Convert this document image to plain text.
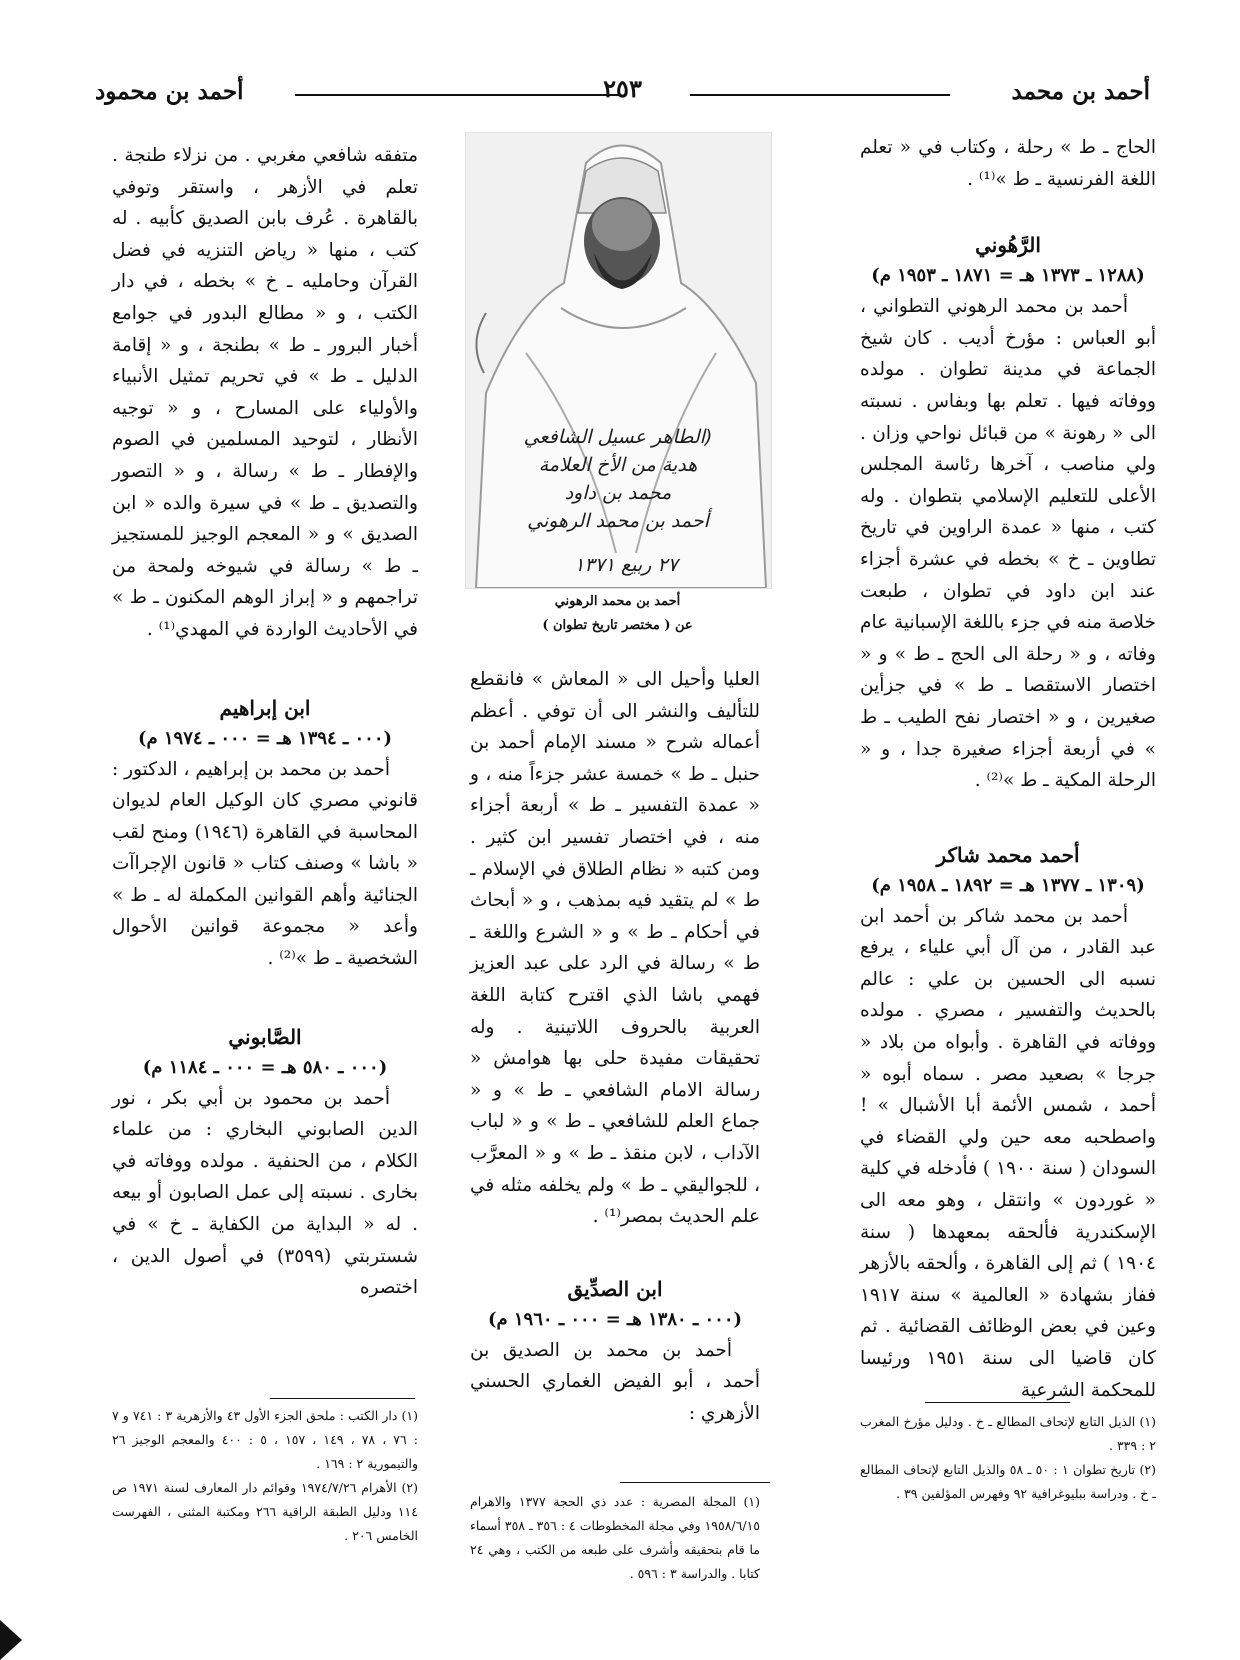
أحمد بن محمد
٢٥٣
أحمد بن محمود

الحاج ـ ط » رحلة ، وكتاب في « تعلم اللغة الفرنسية ـ ط »⁽¹⁾ .

الرَّهُوني

(١٢٨٨ ـ ١٣٧٣ هـ = ١٨٧١ ـ ١٩٥٣ م)

أحمد بن محمد الرهوني التطواني ، أبو العباس : مؤرخ أديب . كان شيخ الجماعة في مدينة تطوان . مولده ووفاته فيها . تعلم بها وبفاس . نسبته الى « رهونة » من قبائل نواحي وزان . ولي مناصب ، آخرها رئاسة المجلس الأعلى للتعليم الإسلامي بتطوان . وله كتب ، منها « عمدة الراوين في تاريخ تطاوين ـ خ » بخطه في عشرة أجزاء عند ابن داود في تطوان ، طبعت خلاصة منه في جزء باللغة الإسبانية عام وفاته ، و « رحلة الى الحج ـ ط » و « اختصار الاستقصا ـ ط » في جزأين صغيرين ، و « اختصار نفح الطيب ـ ط » في أربعة أجزاء صغيرة جدا ، و « الرحلة المكية ـ ط »⁽²⁾ .

أحمد محمد شاكر

(١٣٠٩ ـ ١٣٧٧ هـ = ١٨٩٢ ـ ١٩٥٨ م)

أحمد بن محمد شاكر بن أحمد ابن عبد القادر ، من آل أبي علياء ، يرفع نسبه الى الحسين بن علي : عالم بالحديث والتفسير ، مصري . مولده ووفاته في القاهرة . وأبواه من بلاد « جرجا » بصعيد مصر . سماه أبوه « أحمد ، شمس الأئمة أبا الأشبال » ! واصطحبه معه حين ولي القضاء في السودان ( سنة ١٩٠٠ ) فأدخله في كلية « غوردون » وانتقل ، وهو معه الى الإسكندرية فألحقه بمعهدها ( سنة ١٩٠٤ ) ثم إلى القاهرة ، وألحقه بالأزهر ففاز بشهادة « العالمية » سنة ١٩١٧ وعين في بعض الوظائف القضائية . ثم كان قاضيا الى سنة ١٩٥١ ورئيسا للمحكمة الشرعية

(١) الذيل التابع لإتحاف المطالع ـ خ . ودليل مؤرخ المغرب ٢ : ٣٣٩ .

(٢) تاريخ تطوان ١ : ٥٠ ـ ٥٨ والذيل التابع لإتحاف المطالع ـ خ . ودراسة ببليوغرافية ٩٢ وفهرس المؤلفين ٣٩ .

(الطاهر عسيل الشافعي
هدية من الأخ العلامة
محمد بن داود
أحمد بن محمد الرهوني
٢٧ ربيع ١٣٧١
أحمد بن محمد الرهوني
عن ( مختصر تاريخ تطوان )

العليا وأحيل الى « المعاش » فانقطع للتأليف والنشر الى أن توفي . أعظم أعماله شرح « مسند الإمام أحمد بن حنبل ـ ط » خمسة عشر جزءاً منه ، و « عمدة التفسير ـ ط » أربعة أجزاء منه ، في اختصار تفسير ابن كثير . ومن كتبه « نظام الطلاق في الإسلام ـ ط » لم يتقيد فيه بمذهب ، و « أبحاث في أحكام ـ ط » و « الشرع واللغة ـ ط » رسالة في الرد على عبد العزيز فهمي باشا الذي اقترح كتابة اللغة العربية بالحروف اللاتينية . وله تحقيقات مفيدة حلى بها هوامش « رسالة الامام الشافعي ـ ط » و « جماع العلم للشافعي ـ ط » و « لباب الآداب ، لابن منقذ ـ ط » و « المعرَّب ، للجواليقي ـ ط » ولم يخلفه مثله في علم الحديث بمصر⁽¹⁾ .

ابن الصدِّيق

(٠٠٠ ـ ١٣٨٠ هـ = ٠٠٠ ـ ١٩٦٠ م)

أحمد بن محمد بن الصديق بن أحمد ، أبو الفيض الغماري الحسني الأزهري :

(١) المجلة المصرية : عدد ذي الحجة ١٣٧٧ والاهرام ١٩٥٨/٦/١٥ وفي مجلة المخطوطات ٤ : ٣٥٦ ـ ٣٥٨ أسماء ما قام بتحقيقه وأشرف على طبعه من الكتب ، وهي ٢٤ كتابا . والدراسة ٣ : ٥٩٦ .

متفقه شافعي مغربي . من نزلاء طنجة . تعلم في الأزهر ، واستقر وتوفي بالقاهرة . عُرف بابن الصديق كأبيه . له كتب ، منها « رياض التنزيه في فضل القرآن وحامليه ـ خ » بخطه ، في دار الكتب ، و « مطالع البدور في جوامع أخبار البرور ـ ط » بطنجة ، و « إقامة الدليل ـ ط » في تحريم تمثيل الأنبياء والأولياء على المسارح ، و « توجيه الأنظار ، لتوحيد المسلمين في الصوم والإفطار ـ ط » رسالة ، و « التصور والتصديق ـ ط » في سيرة والده « ابن الصديق » و « المعجم الوجيز للمستجيز ـ ط » رسالة في شيوخه ولمحة من تراجمهم و « إبراز الوهم المكنون ـ ط » في الأحاديث الواردة في المهدي⁽¹⁾ .

ابن إبراهيم

(٠٠٠ ـ ١٣٩٤ هـ = ٠٠٠ ـ ١٩٧٤ م)

أحمد بن محمد بن إبراهيم ، الدكتور : قانوني مصري كان الوكيل العام لديوان المحاسبة في القاهرة (١٩٤٦) ومنح لقب « باشا » وصنف كتاب « قانون الإجراآت الجنائية وأهم القوانين المكملة له ـ ط » وأعد « مجموعة قوانين الأحوال الشخصية ـ ط »⁽²⁾ .

الصَّابوني

(٠٠٠ ـ ٥٨٠ هـ = ٠٠٠ ـ ١١٨٤ م)

أحمد بن محمود بن أبي بكر ، نور الدين الصابوني البخاري : من علماء الكلام ، من الحنفية . مولده ووفاته في بخارى . نسبته إلى عمل الصابون أو بيعه . له « البداية من الكفاية ـ خ » في شستربتي (٣٥٩٩) في أصول الدين ، اختصره

(١) دار الكتب : ملحق الجزء الأول ٤٣ والأزهرية ٣ : ٧٤١ و ٧ : ٧٦ ، ٧٨ ، ١٤٩ ، ١٥٧ ، ٥ : ٤٠٠ والمعجم الوجيز ٢٦ والتيمورية ٢ : ١٦٩ .

(٢) الأهرام ١٩٧٤/٧/٢٦ وقوائم دار المعارف لسنة ١٩٧١ ص ١١٤ ودليل الطبقة الراقية ٢٦٦ ومكتبة المثنى ، الفهرست الخامس ٢٠٦ .
